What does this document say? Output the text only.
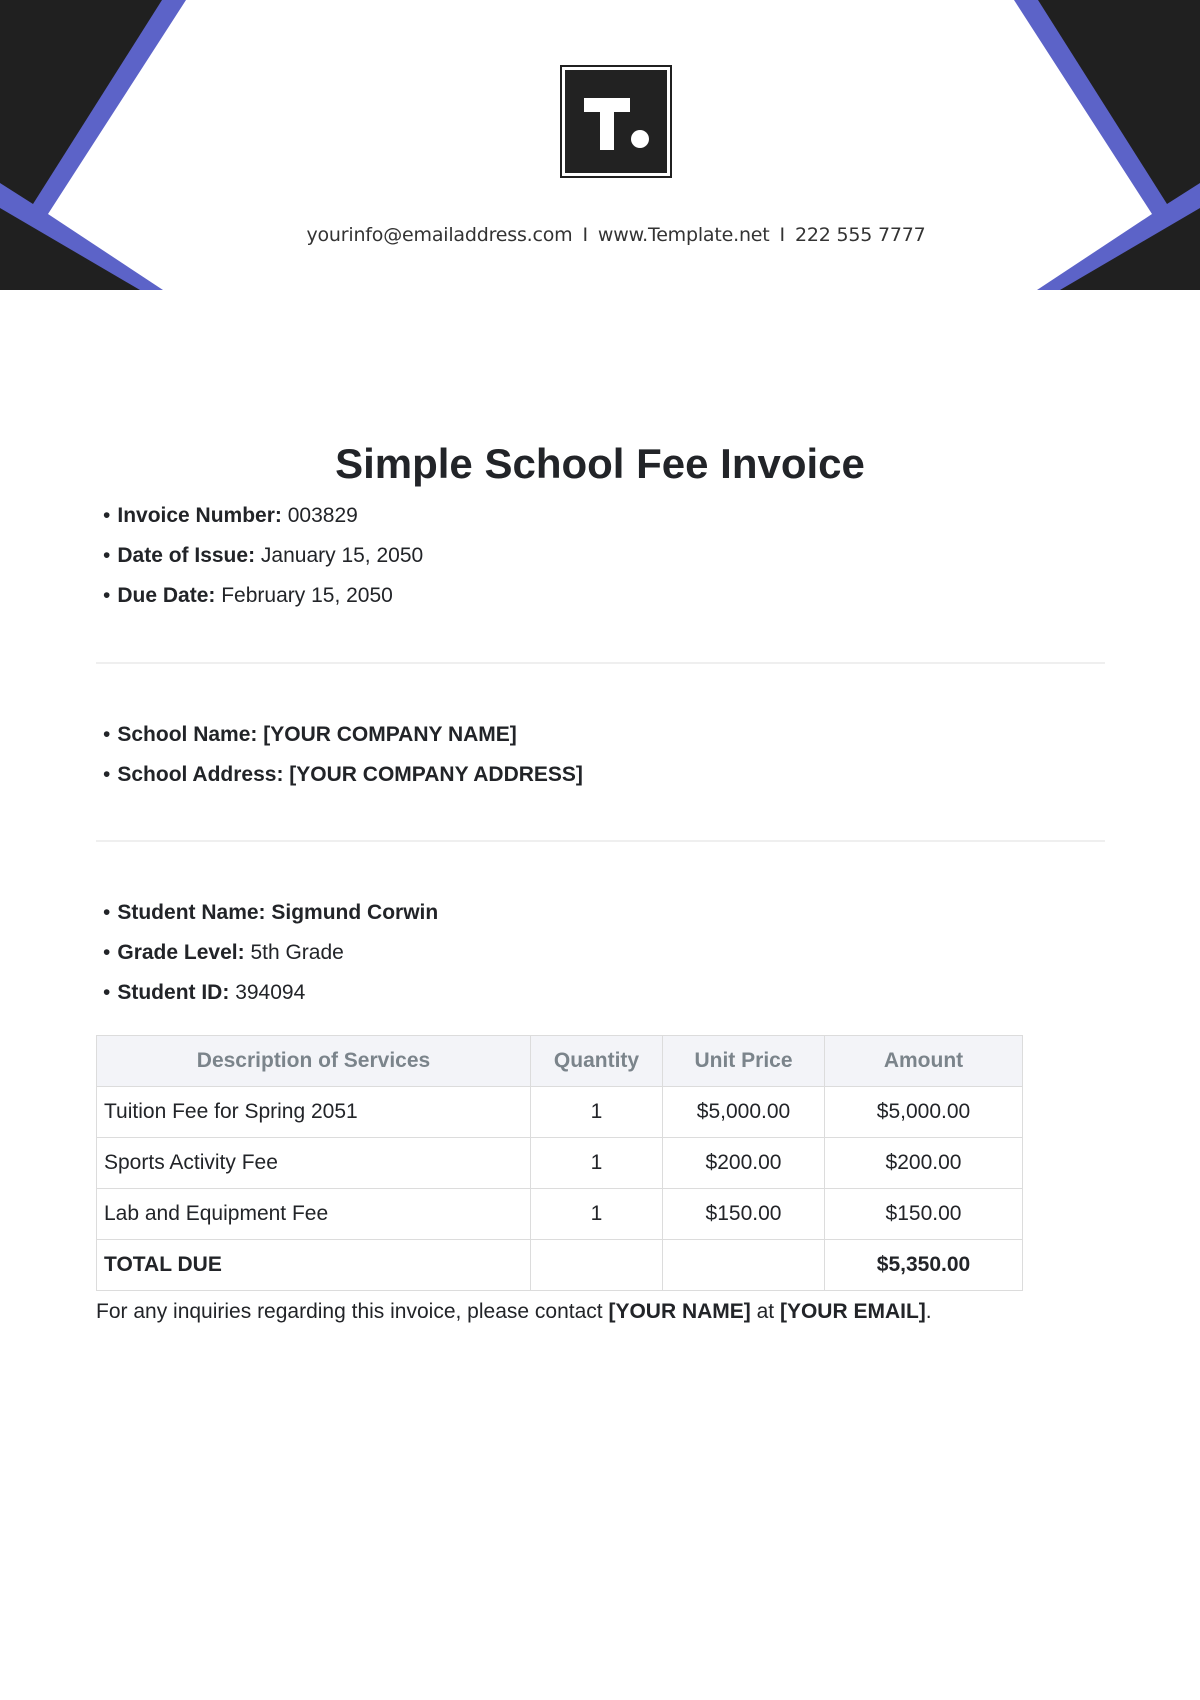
yourinfo@emailaddress.com I www.Template.net I 222 555 7777
Simple School Fee Invoice
• Invoice Number: 003829
• Date of Issue: January 15, 2050
• Due Date: February 15, 2050
• School Name: [YOUR COMPANY NAME]
• School Address: [YOUR COMPANY ADDRESS]
• Student Name: Sigmund Corwin
• Grade Level: 5th Grade
• Student ID: 394094
Description of Services	Quantity	Unit Price	Amount
Tuition Fee for Spring 2051	1	$5,000.00	$5,000.00
Sports Activity Fee	1	$200.00	$200.00
Lab and Equipment Fee	1	$150.00	$150.00
TOTAL DUE			$5,350.00
For any inquiries regarding this invoice, please contact [YOUR NAME] at [YOUR EMAIL].
